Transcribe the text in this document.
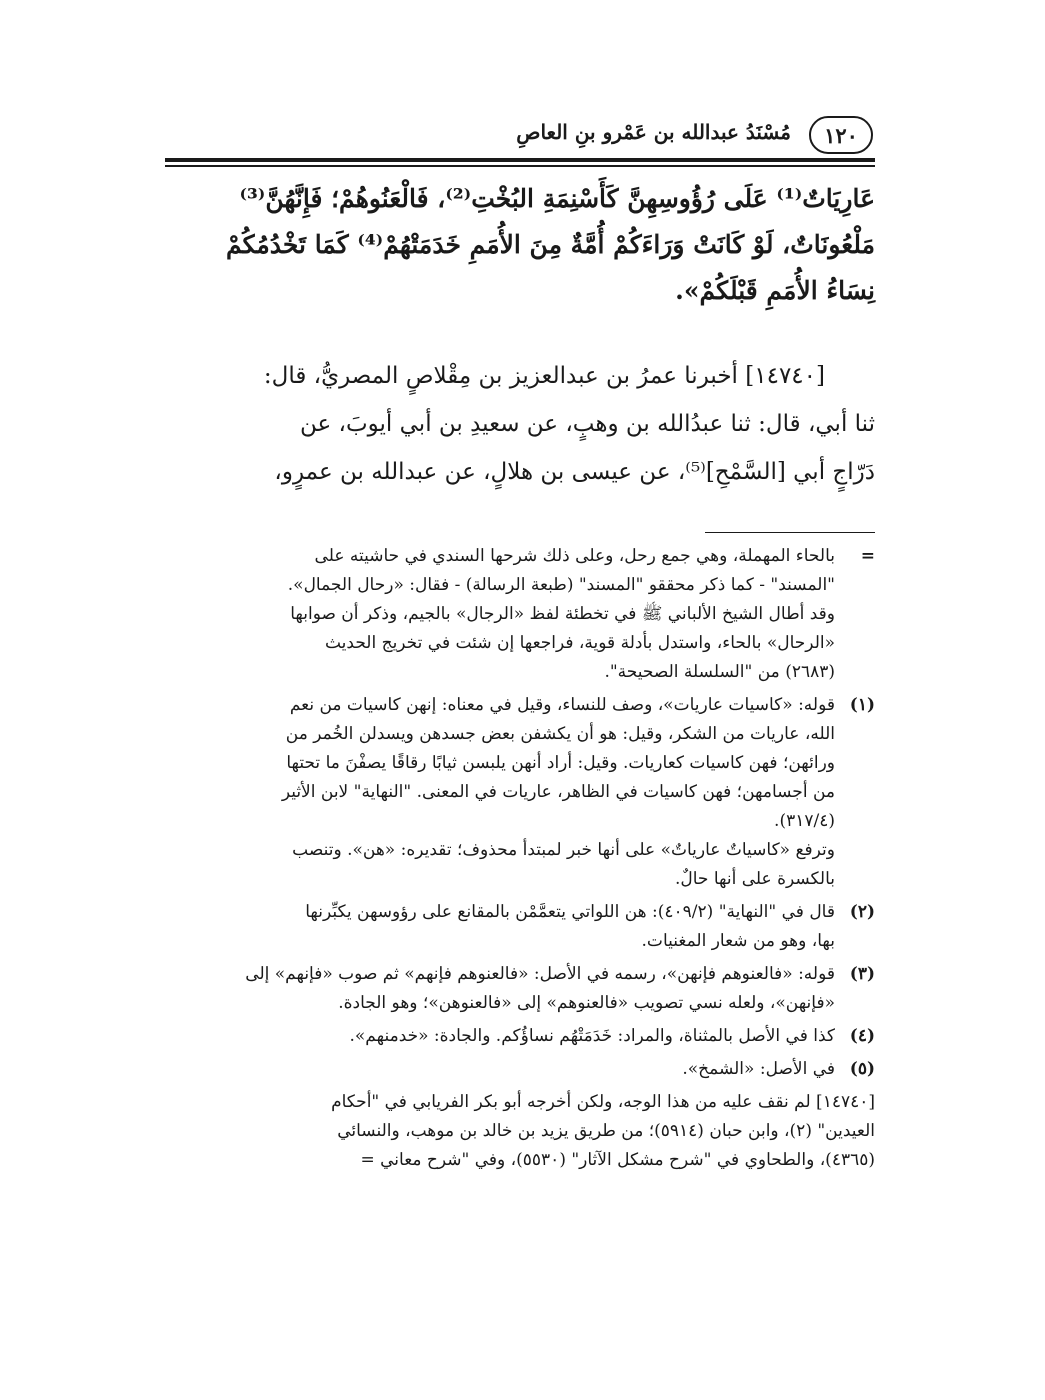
١٢٠
مُسْنَدُ عبدالله بن عَمْرو بنِ العاصِ

عَارِيَاتٌ⁽¹⁾ عَلَى رُؤُوسِهِنَّ كَأَسْنِمَةِ البُخْتِ⁽²⁾، فَالْعَنُوهُمْ؛ فَإِنَّهُنَّ⁽³⁾

مَلْعُونَاتٌ، لَوْ كَانَتْ وَرَاءَكُمْ أُمَّةٌ مِنَ الأُمَمِ خَدَمَتْهُمْ⁽⁴⁾ كَمَا تَخْدُمُكُمْ

نِسَاءُ الأُمَمِ قَبْلَكُمْ».

[١٤٧٤٠] أخبرنا عمرُ بن عبدالعزيز بن مِقْلاصٍ المصريُّ، قال:

ثنا أبي، قال: ثنا عبدُالله بن وهبٍ، عن سعيدِ بن أبي أيوبَ، عن

دَرّاجٍ أبي [السَّمْحِ]⁽⁵⁾، عن عيسى بن هلالٍ، عن عبدالله بن عمرٍو،

=

بالحاء المهملة، وهي جمع رحل، وعلى ذلك شرحها السندي في حاشيته على

"المسند" - كما ذكر محققو "المسند" (طبعة الرسالة) - فقال: «رحال الجمال».

وقد أطال الشيخ الألباني ﷺ في تخطئة لفظ «الرجال» بالجيم، وذكر أن صوابها

«الرحال» بالحاء، واستدل بأدلة قوية، فراجعها إن شئت في تخريج الحديث

(٢٦٨٣) من "السلسلة الصحيحة".

(١)

قوله: «كاسيات عاريات»، وصف للنساء، وقيل في معناه: إنهن كاسيات من نعم

الله، عاريات من الشكر، وقيل: هو أن يكشفن بعض جسدهن ويسدلن الخُمر من

ورائهن؛ فهن كاسيات كعاريات. وقيل: أراد أنهن يلبسن ثيابًا رقاقًا يصفْنَ ما تحتها

من أجسامهن؛ فهن كاسيات في الظاهر، عاريات في المعنى. "النهاية" لابن الأثير

(٣١٧/٤).

وترفع «كاسياتٌ عارياتٌ» على أنها خبر لمبتدأ محذوف؛ تقديره: «هن». وتنصب

بالكسرة على أنها حالٌ.

(٢)

قال في "النهاية" (٤٠٩/٢): هن اللواتي يتعمَّمْن بالمقانع على رؤوسهن يكبِّرنها

بها، وهو من شعار المغنيات.

(٣)

قوله: «فالعنوهم فإنهن»، رسمه في الأصل: «فالعنوهم فإنهم» ثم صوب «فإنهم» إلى

«فإنهن»، ولعله نسي تصويب «فالعنوهم» إلى «فالعنوهن»؛ وهو الجادة.

(٤)

كذا في الأصل بالمثناة، والمراد: خَدَمَتْهُم نساؤُكم. والجادة: «خدمنهم».

(٥)

في الأصل: «الشمخ».

[١٤٧٤٠] لم نقف عليه من هذا الوجه، ولكن أخرجه أبو بكر الفريابي في "أحكام

العيدين" (٢)، وابن حبان (٥٩١٤)؛ من طريق يزيد بن خالد بن موهب، والنسائي

(٤٣٦٥)، والطحاوي في "شرح مشكل الآثار" (٥٥٣٠)، وفي "شرح معاني =
